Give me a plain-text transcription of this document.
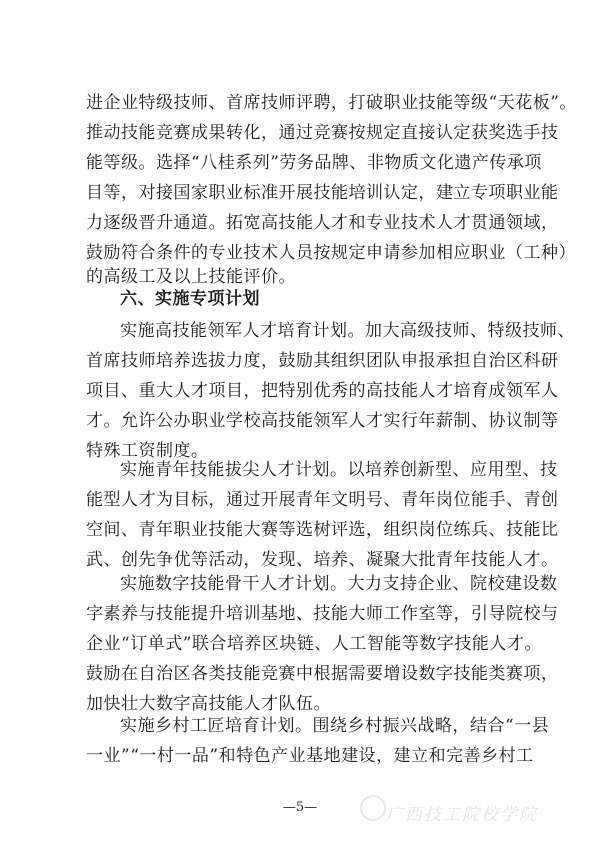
进企业特级技师、首席技师评聘，打破职业技能等级“天花板”。
推动技能竞赛成果转化，通过竞赛按规定直接认定获奖选手技
能等级。选择“八桂系列”劳务品牌、非物质文化遗产传承项
目等，对接国家职业标准开展技能培训认定，建立专项职业能
力逐级晋升通道。拓宽高技能人才和专业技术人才贯通领域，
鼓励符合条件的专业技术人员按规定申请参加相应职业（工种）
的高级工及以上技能评价。
六、实施专项计划
实施高技能领军人才培育计划。加大高级技师、特级技师、
首席技师培养选拔力度，鼓励其组织团队申报承担自治区科研
项目、重大人才项目，把特别优秀的高技能人才培育成领军人
才。允许公办职业学校高技能领军人才实行年薪制、协议制等
特殊工资制度。
实施青年技能拔尖人才计划。以培养创新型、应用型、技
能型人才为目标，通过开展青年文明号、青年岗位能手、青创
空间、青年职业技能大赛等选树评选，组织岗位练兵、技能比
武、创先争优等活动，发现、培养、凝聚大批青年技能人才。
实施数字技能骨干人才计划。大力支持企业、院校建设数
字素养与技能提升培训基地、技能大师工作室等，引导院校与
企业“订单式”联合培养区块链、人工智能等数字技能人才。
鼓励在自治区各类技能竞赛中根据需要增设数字技能类赛项，
加快壮大数字高技能人才队伍。
实施乡村工匠培育计划。围绕乡村振兴战略，结合“一县
一业”“一村一品”和特色产业基地建设，建立和完善乡村工
—5—	广西技工院校学院
